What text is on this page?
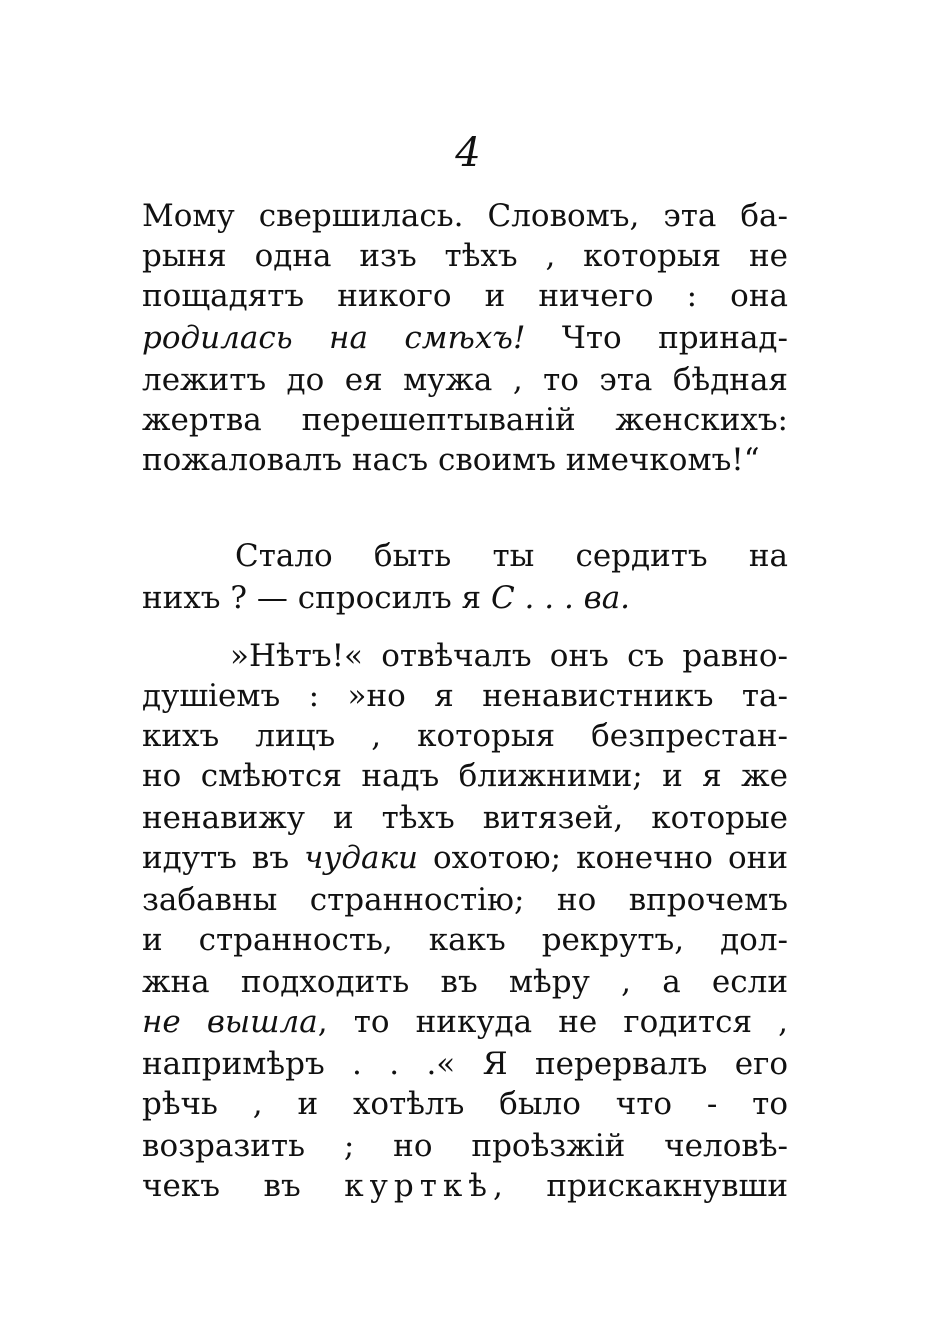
4
Мому свершилась. Словомъ, эта ба-
рыня одна изъ тѣхъ , которыя не
пощадятъ никого и ничего : она
родилась на смѣхъ! Что принад-
лежитъ до ея мужа , то эта бѣдная
жертва перешептываній женскихъ:
пожаловалъ насъ своимъ имечкомъ!“
Стало быть ты сердитъ на
нихъ ? — спросилъ я С . . . ва.
»Нѣтъ!« отвѣчалъ онъ съ равно-
душіемъ : »но я ненавистникъ та-
кихъ лицъ , которыя безпрестан-
но смѣются надъ ближними; и я же
ненавижу и тѣхъ витязей, которые
идутъ въ чудаки охотою; конечно они
забавны странностію; но впрочемъ
и странность, какъ рекрутъ, дол-
жна подходить въ мѣру , а если
не вышла, то никуда не годится ,
напримѣръ . . .« Я перервалъ его
рѣчь , и хотѣлъ было что - то
возразить ; но проѣзжій человѣ-
чекъ въ курткѣ, прискакнувши
